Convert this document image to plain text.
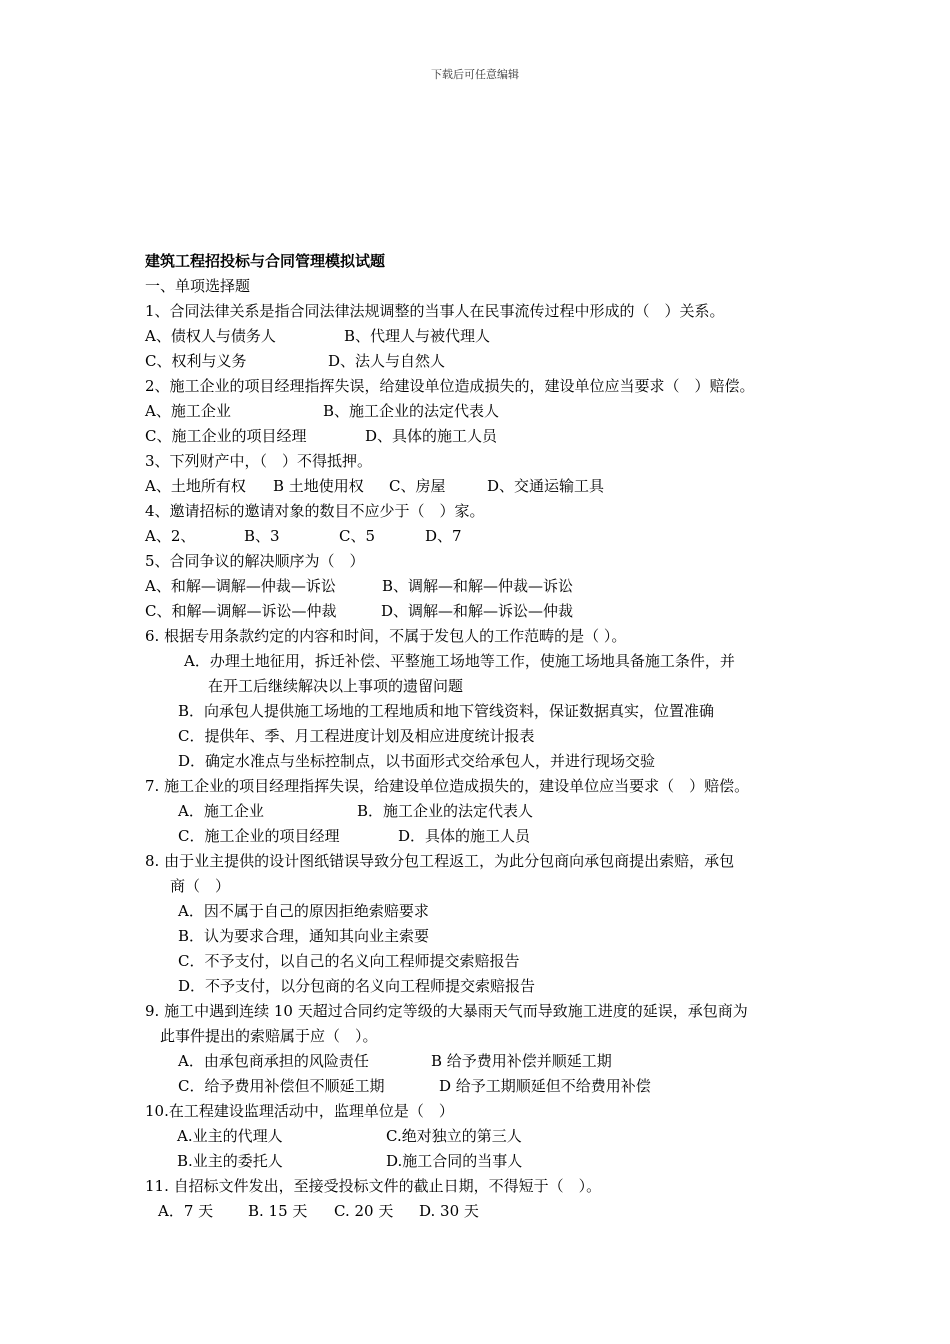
下载后可任意编辑
建筑工程招投标与合同管理模拟试题
一、单项选择题
1、合同法律关系是指合同法律法规调整的当事人在民事流传过程中形成的（　）关系。
A、债权人与债务人	B、代理人与被代理人
C、权利与义务	D、法人与自然人
2、施工企业的项目经理指挥失误，给建设单位造成损失的，建设单位应当要求（　）赔偿。
A、施工企业	B、施工企业的法定代表人
C、施工企业的项目经理	D、具体的施工人员
3、下列财产中，（　）不得抵押。
A、土地所有权 B 土地使用权 C、房屋	D、交通运输工具
4、邀请招标的邀请对象的数目不应少于（　）家。
A、2、	B、3	C、5	D、7
5、合同争议的解决顺序为（　）
A、和解—调解—仲裁—诉讼	B、调解—和解—仲裁—诉讼
C、和解—调解—诉讼—仲裁	D、调解—和解—诉讼—仲裁
6. 根据专用条款约定的内容和时间，不属于发包人的工作范畴的是（ ）。
A．办理土地征用，拆迁补偿、平整施工场地等工作，使施工场地具备施工条件，并
在开工后继续解决以上事项的遗留问题
B．向承包人提供施工场地的工程地质和地下管线资料，保证数据真实，位置准确
C．提供年、季、月工程进度计划及相应进度统计报表
D．确定水准点与坐标控制点，以书面形式交给承包人，并进行现场交验
7. 施工企业的项目经理指挥失误，给建设单位造成损失的，建设单位应当要求（　）赔偿。
A．施工企业	B．施工企业的法定代表人
C．施工企业的项目经理	D．具体的施工人员
8. 由于业主提供的设计图纸错误导致分包工程返工，为此分包商向承包商提出索赔，承包
商（　）
A．因不属于自己的原因拒绝索赔要求
B．认为要求合理，通知其向业主索要
C．不予支付，以自己的名义向工程师提交索赔报告
D．不予支付，以分包商的名义向工程师提交索赔报告
9. 施工中遇到连续 10 天超过合同约定等级的大暴雨天气而导致施工进度的延误，承包商为
此事件提出的索赔属于应（　）。
A．由承包商承担的风险责任	B 给予费用补偿并顺延工期
C．给予费用补偿但不顺延工期	D 给予工期顺延但不给费用补偿
10.在工程建设监理活动中，监理单位是（　）
A.业主的代理人	C.绝对独立的第三人
B.业主的委托人	D.施工合同的当事人
11. 自招标文件发出，至接受投标文件的截止日期，不得短于（　）。
A．7 天 B. 15 天 C. 20 天 D. 30 天
